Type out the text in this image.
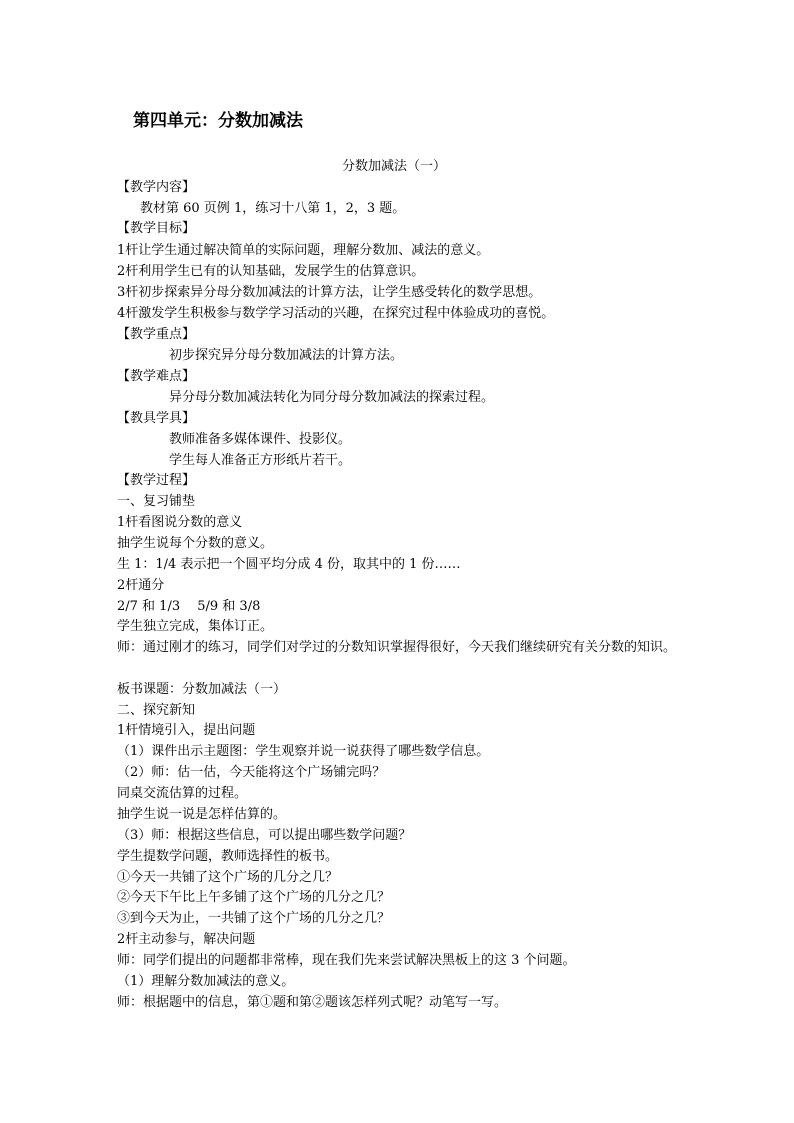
第四单元：分数加减法
分数加减法（一）
【教学内容】
教材第 60 页例 1，练习十八第 1，2，3 题。
【教学目标】
1杆让学生通过解决简单的实际问题，理解分数加、减法的意义。
2杆利用学生已有的认知基础，发展学生的估算意识。
3杆初步探索异分母分数加减法的计算方法，让学生感受转化的数学思想。
4杆激发学生积极参与数学学习活动的兴趣，在探究过程中体验成功的喜悦。
【教学重点】
初步探究异分母分数加减法的计算方法。
【教学难点】
异分母分数加减法转化为同分母分数加减法的探索过程。
【教具学具】
教师准备多媒体课件、投影仪。
学生每人准备正方形纸片若干。
【教学过程】
一、复习铺垫
1杆看图说分数的意义
抽学生说每个分数的意义。
生 1：1/4 表示把一个圆平均分成 4 份，取其中的 1 份……
2杆通分
2/7 和 1/3　 5/9 和 3/8
学生独立完成，集体订正。
师：通过刚才的练习，同学们对学过的分数知识掌握得很好，今天我们继续研究有关分数的知识。
板书课题：分数加减法（一）
二、探究新知
1杆情境引入，提出问题
（1）课件出示主题图：学生观察并说一说获得了哪些数学信息。
（2）师：估一估，今天能将这个广场铺完吗？
同桌交流估算的过程。
抽学生说一说是怎样估算的。
（3）师：根据这些信息，可以提出哪些数学问题？
学生提数学问题，教师选择性的板书。
①今天一共铺了这个广场的几分之几？
②今天下午比上午多铺了这个广场的几分之几？
③到今天为止，一共铺了这个广场的几分之几？
2杆主动参与，解决问题
师：同学们提出的问题都非常棒，现在我们先来尝试解决黑板上的这 3 个问题。
（1）理解分数加减法的意义。
师：根据题中的信息，第①题和第②题该怎样列式呢？动笔写一写。
